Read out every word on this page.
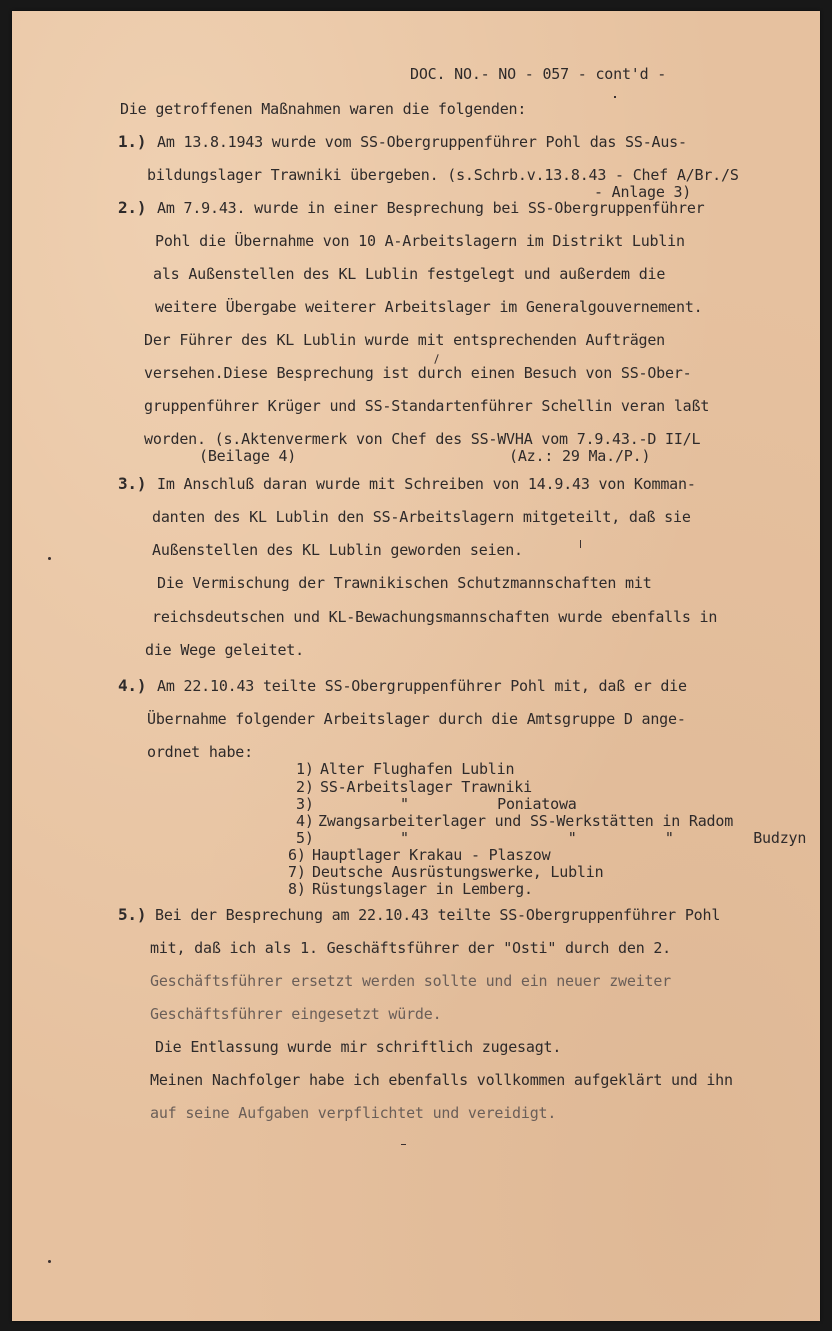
DOC. NO.- NO - 057 - cont'd -
Die getroffenen Maßnahmen waren die folgenden:
1.) Am 13.8.1943 wurde vom SS-Obergruppenführer Pohl das SS-Aus-
bildungslager Trawniki übergeben. (s.Schrb.v.13.8.43 - Chef A/Br./S
- Anlage 3)
2.) Am 7.9.43. wurde in einer Besprechung bei SS-Obergruppenführer
Pohl die Übernahme von 10 A-Arbeitslagern im Distrikt Lublin
als Außenstellen des KL Lublin festgelegt und außerdem die
weitere Übergabe weiterer Arbeitslager im Generalgouvernement.
Der Führer des KL Lublin wurde mit entsprechenden Aufträgen
versehen.Diese Besprechung ist durch einen Besuch von SS-Ober-
gruppenführer Krüger und SS-Standartenführer Schellin veran laßt
worden. (s.Aktenvermerk von Chef des SS-WVHA vom 7.9.43.-D II/L
(Beilage 4)	(Az.: 29 Ma./P.)
3.) Im Anschluß daran wurde mit Schreiben von 14.9.43 von Komman-
danten des KL Lublin den SS-Arbeitslagern mitgeteilt, daß sie
Außenstellen des KL Lublin geworden seien.
Die Vermischung der Trawnikischen Schutzmannschaften mit
reichsdeutschen und KL-Bewachungsmannschaften wurde ebenfalls in
die Wege geleitet.
4.) Am 22.10.43 teilte SS-Obergruppenführer Pohl mit, daß er die
Übernahme folgender Arbeitslager durch die Amtsgruppe D ange-
ordnet habe:
1) Alter Flughafen Lublin
2) SS-Arbeitslager Trawniki
3)	"          Poniatowa
4) Zwangsarbeiterlager und SS-Werkstätten in Radom
5)	"                  "          "         Budzyn
6) Hauptlager Krakau - Plaszow
7) Deutsche Ausrüstungswerke, Lublin
8) Rüstungslager in Lemberg.
5.) Bei der Besprechung am 22.10.43 teilte SS-Obergruppenführer Pohl
mit, daß ich als 1. Geschäftsführer der "Osti" durch den 2.
Geschäftsführer ersetzt werden sollte und ein neuer zweiter
Geschäftsführer eingesetzt würde.
Die Entlassung wurde mir schriftlich zugesagt.
Meinen Nachfolger habe ich ebenfalls vollkommen aufgeklärt und ihn
auf seine Aufgaben verpflichtet und vereidigt.
